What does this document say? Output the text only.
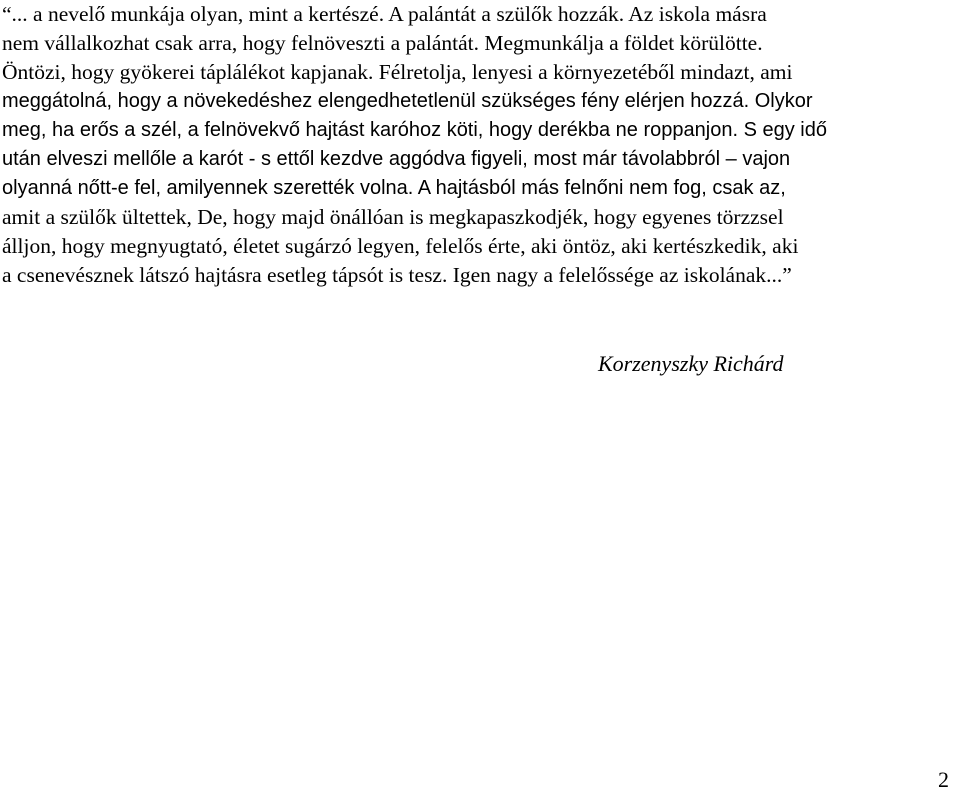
“... a nevelő munkája olyan, mint a kertészé. A palántát a szülők hozzák. Az iskola másra
nem vállalkozhat csak arra, hogy felnöveszti a palántát. Megmunkálja a földet körülötte.
Öntözi, hogy gyökerei táplálékot kapjanak. Félretolja, lenyesi a környezetéből mindazt, ami
meggátolná, hogy a növekedéshez elengedhetetlenül szükséges fény elérjen hozzá. Olykor
meg, ha erős a szél, a felnövekvő hajtást karóhoz köti, hogy derékba ne roppanjon. S egy idő
után elveszi mellőle a karót - s ettől kezdve aggódva figyeli, most már távolabbról – vajon
olyanná nőtt-e fel, amilyennek szerették volna. A hajtásból más felnőni nem fog, csak az,
amit a szülők ültettek, De, hogy majd önállóan is megkapaszkodjék, hogy egyenes törzzsel
álljon, hogy megnyugtató, életet sugárzó legyen, felelős érte, aki öntöz, aki kertészkedik, aki
a csenevésznek látszó hajtásra esetleg tápsót is tesz. Igen nagy a felelőssége az iskolának...”
Korzenyszky Richárd
2
